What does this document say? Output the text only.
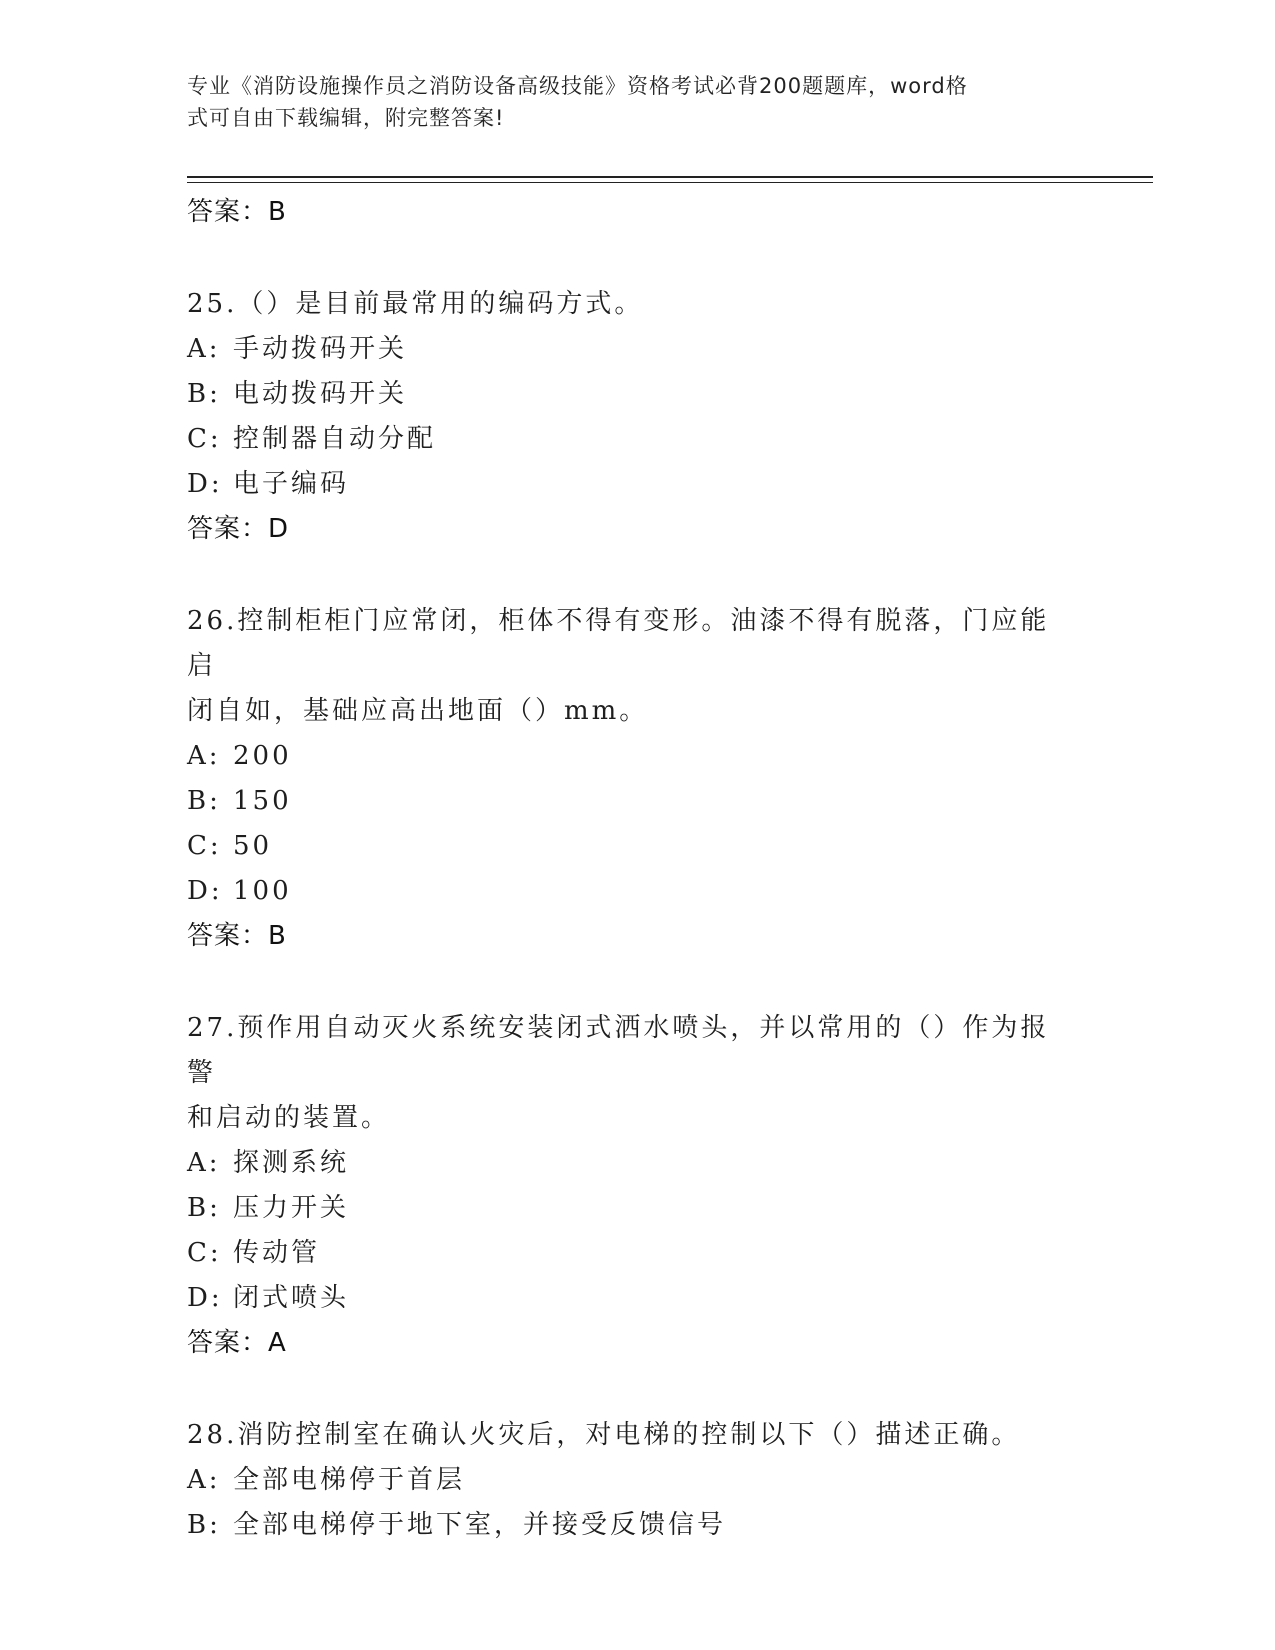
专业《消防设施操作员之消防设备高级技能》资格考试必背200题题库，word格
式可自由下载编辑，附完整答案!
答案：B
25.（）是目前最常用的编码方式。
A: 手动拨码开关
B: 电动拨码开关
C: 控制器自动分配
D: 电子编码
答案：D
26.控制柜柜门应常闭，柜体不得有变形。油漆不得有脱落，门应能启
闭自如，基础应高出地面（）mm。
A: 200
B: 150
C: 50
D: 100
答案：B
27.预作用自动灭火系统安装闭式洒水喷头，并以常用的（）作为报警
和启动的装置。
A: 探测系统
B: 压力开关
C: 传动管
D: 闭式喷头
答案：A
28.消防控制室在确认火灾后，对电梯的控制以下（）描述正确。
A: 全部电梯停于首层
B: 全部电梯停于地下室，并接受反馈信号
